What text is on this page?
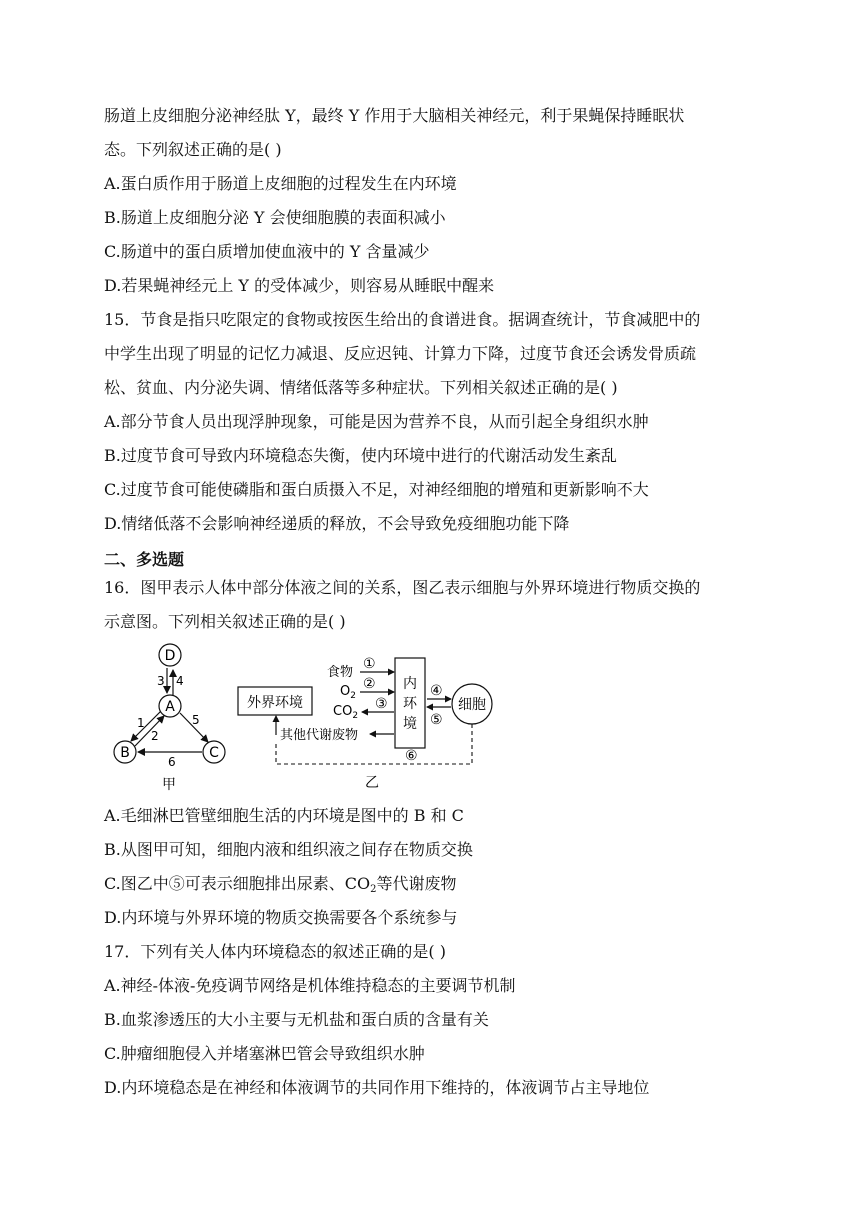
肠道上皮细胞分泌神经肽 Y，最终 Y 作用于大脑相关神经元，利于果蝇保持睡眠状
态。下列叙述正确的是( )
A.蛋白质作用于肠道上皮细胞的过程发生在内环境
B.肠道上皮细胞分泌 Y 会使细胞膜的表面积减小
C.肠道中的蛋白质增加使血液中的 Y 含量减少
D.若果蝇神经元上 Y 的受体减少，则容易从睡眠中醒来
15．节食是指只吃限定的食物或按医生给出的食谱进食。据调查统计，节食减肥中的
中学生出现了明显的记忆力减退、反应迟钝、计算力下降，过度节食还会诱发骨质疏
松、贫血、内分泌失调、情绪低落等多种症状。下列相关叙述正确的是( )
A.部分节食人员出现浮肿现象，可能是因为营养不良，从而引起全身组织水肿
B.过度节食可导致内环境稳态失衡，使内环境中进行的代谢活动发生紊乱
C.过度节食可能使磷脂和蛋白质摄入不足，对神经细胞的增殖和更新影响不大
D.情绪低落不会影响神经递质的释放，不会导致免疫细胞功能下降
二、多选题
16．图甲表示人体中部分体液之间的关系，图乙表示细胞与外界环境进行物质交换的
示意图。下列相关叙述正确的是( )
D
A
B	C
3 4
1
2
5
6
甲
外界环境
内
环
境
细胞
食物
①
$O_2$
②
$CO_2$
③
其他代谢废物
④
⑤
⑥
乙
A.毛细淋巴管壁细胞生活的内环境是图中的 B 和 C
B.从图甲可知，细胞内液和组织液之间存在物质交换
C.图乙中⑤可表示细胞排出尿素、$CO_2$等代谢废物
D.内环境与外界环境的物质交换需要各个系统参与
17．下列有关人体内环境稳态的叙述正确的是( )
A.神经-体液-免疫调节网络是机体维持稳态的主要调节机制
B.血浆渗透压的大小主要与无机盐和蛋白质的含量有关
C.肿瘤细胞侵入并堵塞淋巴管会导致组织水肿
D.内环境稳态是在神经和体液调节的共同作用下维持的，体液调节占主导地位
